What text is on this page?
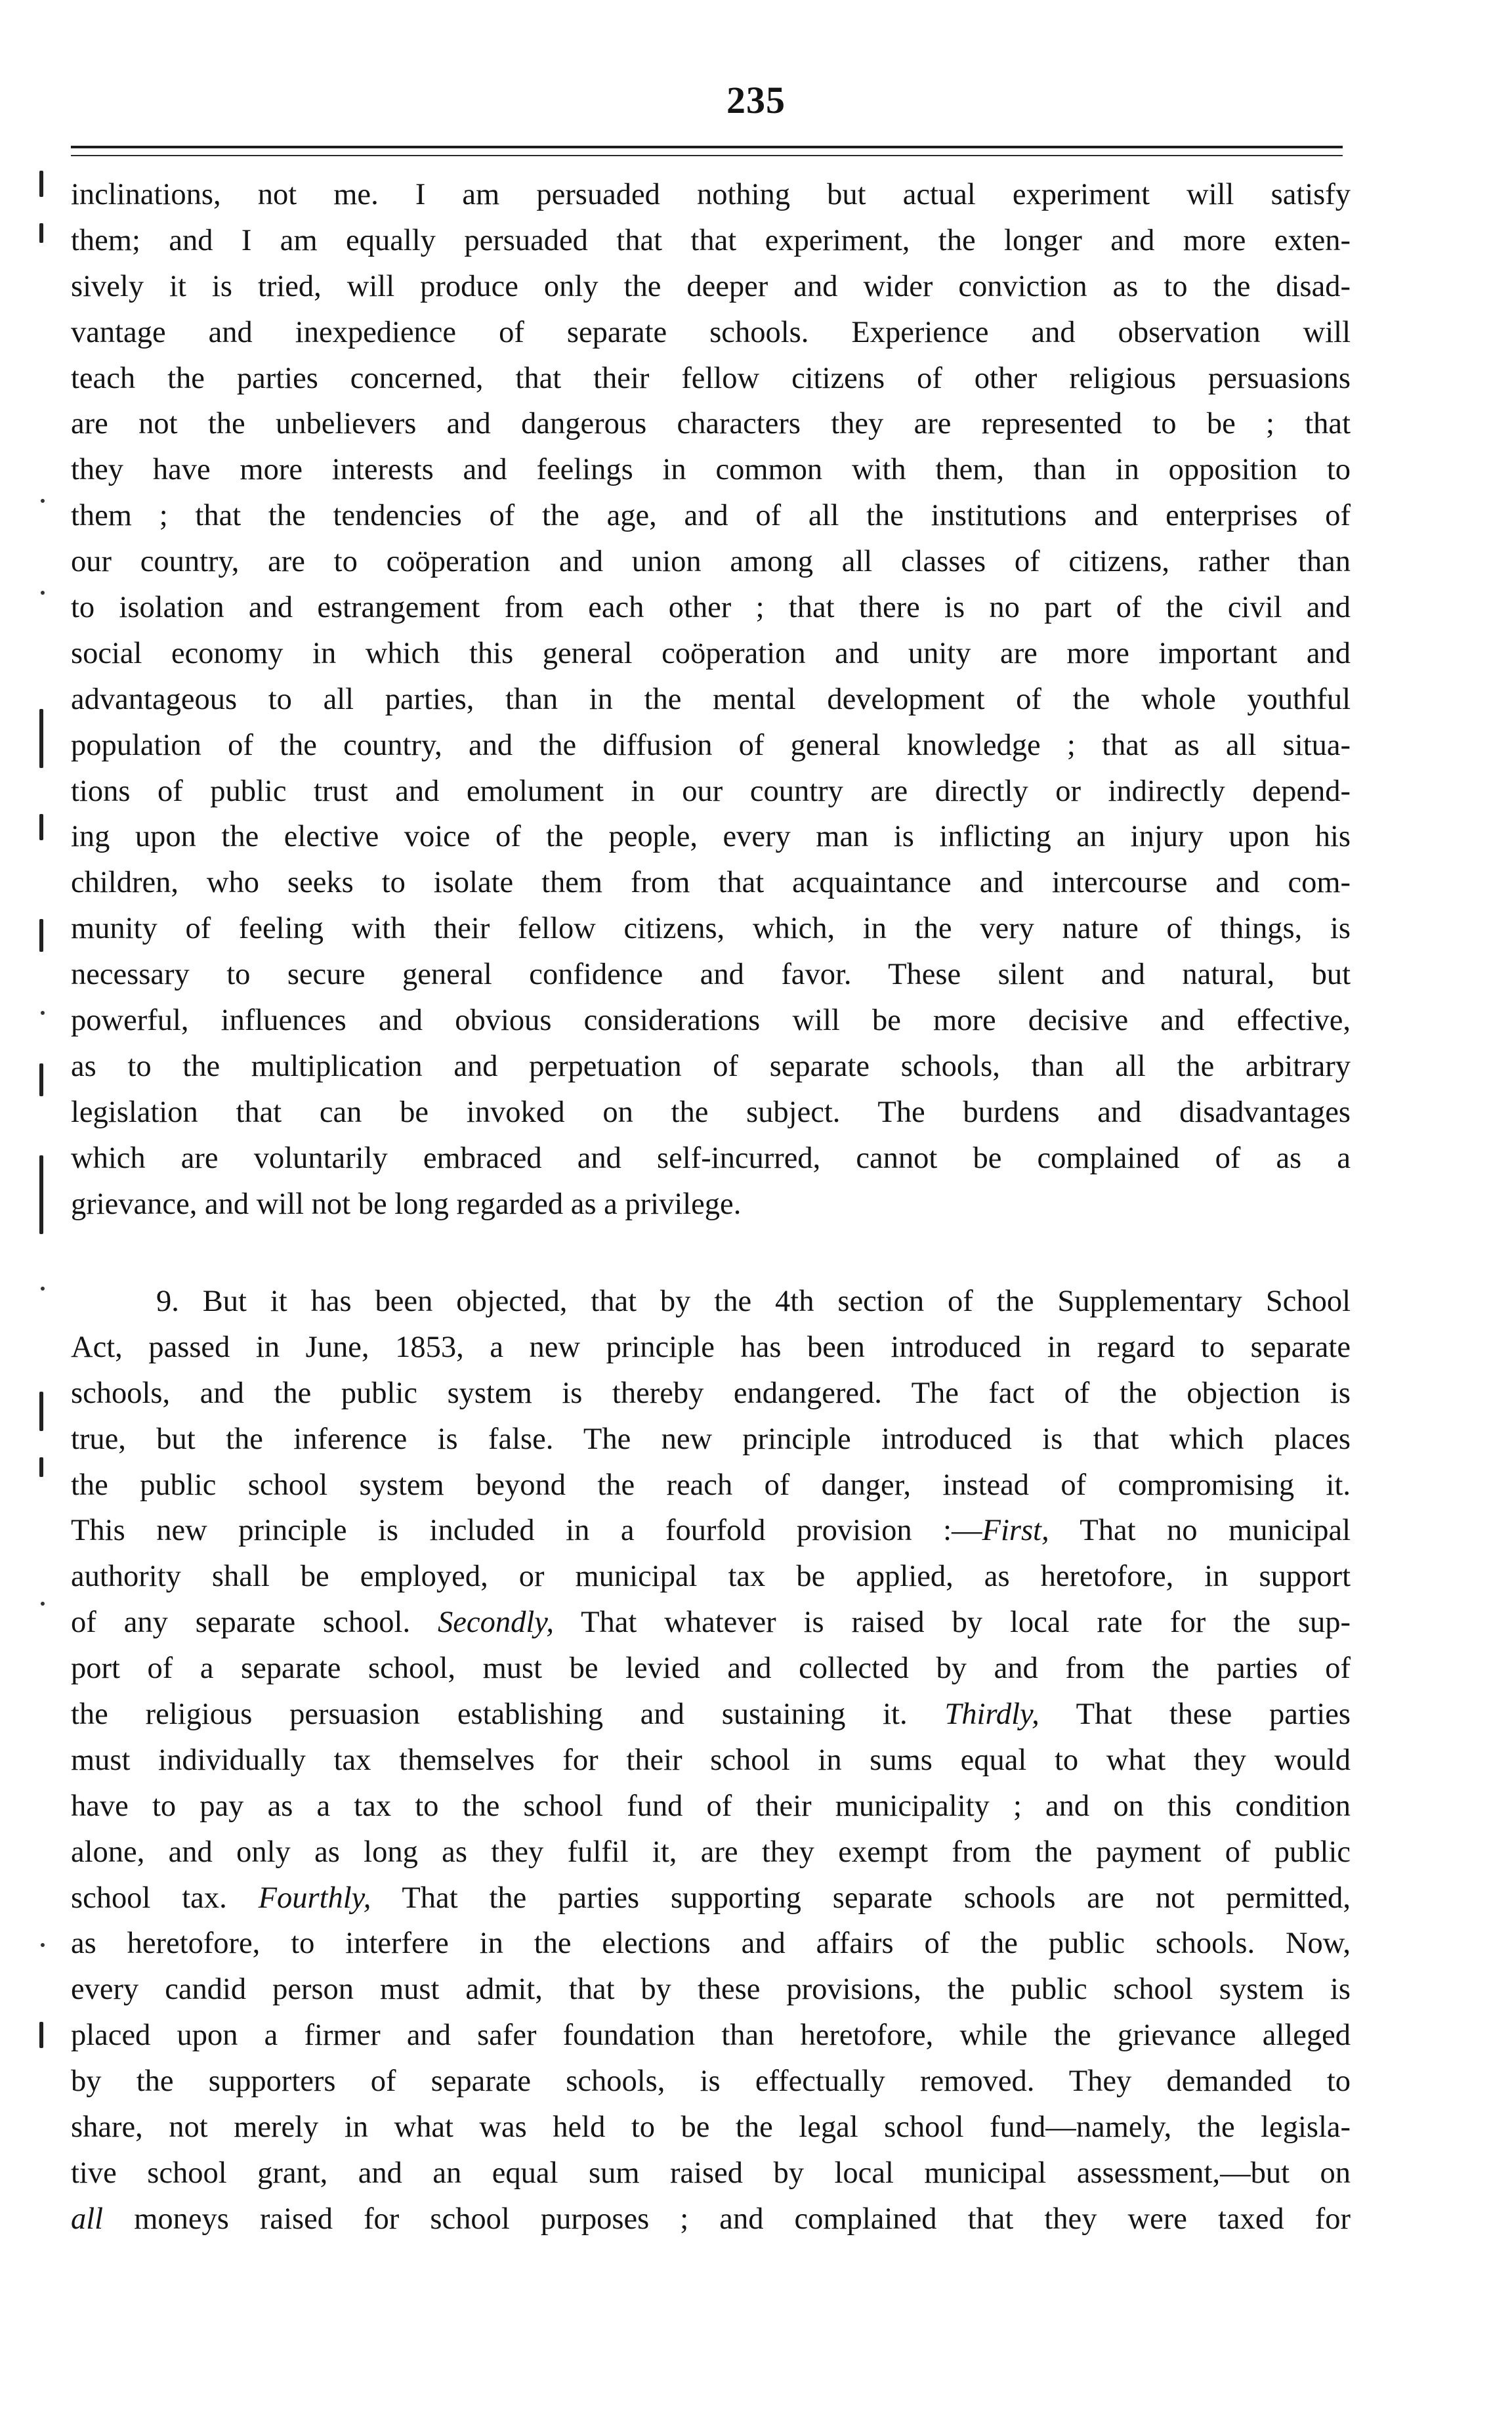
235
inclinations, not me. I am persuaded nothing but actual experiment will satisfy
them; and I am equally persuaded that that experiment, the longer and more exten-
sively it is tried, will produce only the deeper and wider conviction as to the disad-
vantage and inexpedience of separate schools. Experience and observation will
teach the parties concerned, that their fellow citizens of other religious persuasions
are not the unbelievers and dangerous characters they are represented to be ; that
they have more interests and feelings in common with them, than in opposition to
them ; that the tendencies of the age, and of all the institutions and enterprises of
our country, are to coöperation and union among all classes of citizens, rather than
to isolation and estrangement from each other ; that there is no part of the civil and
social economy in which this general coöperation and unity are more important and
advantageous to all parties, than in the mental development of the whole youthful
population of the country, and the diffusion of general knowledge ; that as all situa-
tions of public trust and emolument in our country are directly or indirectly depend-
ing upon the elective voice of the people, every man is inflicting an injury upon his
children, who seeks to isolate them from that acquaintance and intercourse and com-
munity of feeling with their fellow citizens, which, in the very nature of things, is
necessary to secure general confidence and favor. These silent and natural, but
powerful, influences and obvious considerations will be more decisive and effective,
as to the multiplication and perpetuation of separate schools, than all the arbitrary
legislation that can be invoked on the subject. The burdens and disadvantages
which are voluntarily embraced and self-incurred, cannot be complained of as a
grievance, and will not be long regarded as a privilege.
9. But it has been objected, that by the 4th section of the Supplementary School
Act, passed in June, 1853, a new principle has been introduced in regard to separate
schools, and the public system is thereby endangered. The fact of the objection is
true, but the inference is false. The new principle introduced is that which places
the public school system beyond the reach of danger, instead of compromising it.
This new principle is included in a fourfold provision :—First, That no municipal
authority shall be employed, or municipal tax be applied, as heretofore, in support
of any separate school. Secondly, That whatever is raised by local rate for the sup-
port of a separate school, must be levied and collected by and from the parties of
the religious persuasion establishing and sustaining it. Thirdly, That these parties
must individually tax themselves for their school in sums equal to what they would
have to pay as a tax to the school fund of their municipality ; and on this condition
alone, and only as long as they fulfil it, are they exempt from the payment of public
school tax. Fourthly, That the parties supporting separate schools are not permitted,
as heretofore, to interfere in the elections and affairs of the public schools. Now,
every candid person must admit, that by these provisions, the public school system is
placed upon a firmer and safer foundation than heretofore, while the grievance alleged
by the supporters of separate schools, is effectually removed. They demanded to
share, not merely in what was held to be the legal school fund—namely, the legisla-
tive school grant, and an equal sum raised by local municipal assessment,—but on
all moneys raised for school purposes ; and complained that they were taxed for
